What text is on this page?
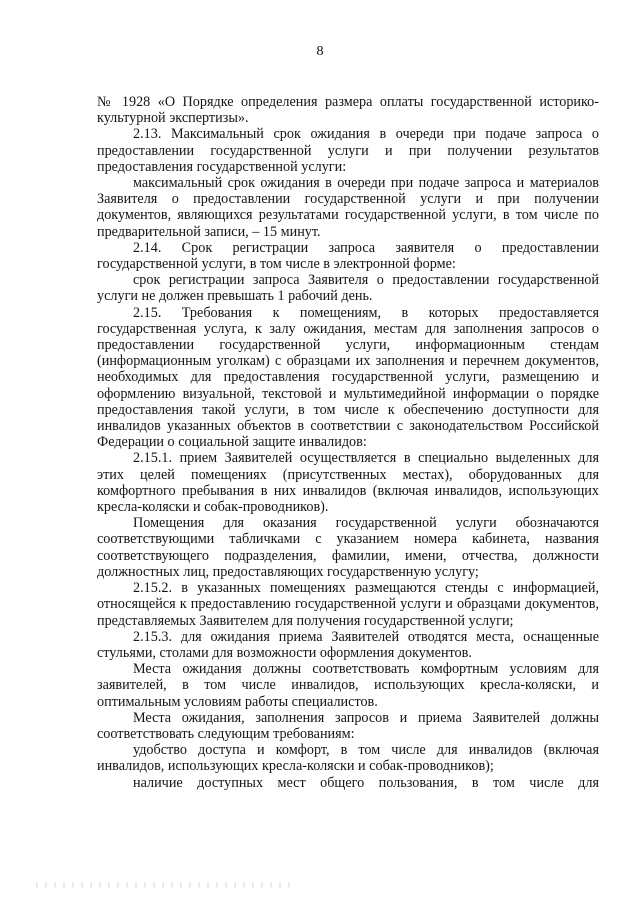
8

№ 1928 «О Порядке определения размера оплаты государственной историко-культурной экспертизы».

2.13. Максимальный срок ожидания в очереди при подаче запроса о предоставлении государственной услуги и при получении результатов предоставления государственной услуги:

максимальный срок ожидания в очереди при подаче запроса и материалов Заявителя о предоставлении государственной услуги и при получении документов, являющихся результатами государственной услуги, в том числе по предварительной записи, – 15 минут.

2.14. Срок регистрации запроса заявителя о предоставлении государственной услуги, в том числе в электронной форме:

срок регистрации запроса Заявителя о предоставлении государственной услуги не должен превышать 1 рабочий день.

2.15. Требования к помещениям, в которых предоставляется государственная услуга, к залу ожидания, местам для заполнения запросов о предоставлении государственной услуги, информационным стендам (информационным уголкам) с образцами их заполнения и перечнем документов, необходимых для предоставления государственной услуги, размещению и оформлению визуальной, текстовой и мультимедийной информации о порядке предоставления такой услуги, в том числе к обеспечению доступности для инвалидов указанных объектов в соответствии с законодательством Российской Федерации о социальной защите инвалидов:

2.15.1. прием Заявителей осуществляется в специально выделенных для этих целей помещениях (присутственных местах), оборудованных для комфортного пребывания в них инвалидов (включая инвалидов, использующих кресла-коляски и собак-проводников).

Помещения для оказания государственной услуги обозначаются соответствующими табличками с указанием номера кабинета, названия соответствующего подразделения, фамилии, имени, отчества, должности должностных лиц, предоставляющих государственную услугу;

2.15.2. в указанных помещениях размещаются стенды с информацией, относящейся к предоставлению государственной услуги и образцами документов, представляемых Заявителем для получения государственной услуги;

2.15.3. для ожидания приема Заявителей отводятся места, оснащенные стульями, столами для возможности оформления документов.

Места ожидания должны соответствовать комфортным условиям для заявителей, в том числе инвалидов, использующих кресла-коляски, и оптимальным условиям работы специалистов.

Места ожидания, заполнения запросов и приема Заявителей должны соответствовать следующим требованиям:

удобство доступа и комфорт, в том числе для инвалидов (включая инвалидов, использующих кресла-коляски и собак-проводников);

наличие доступных мест общего пользования, в том числе для
